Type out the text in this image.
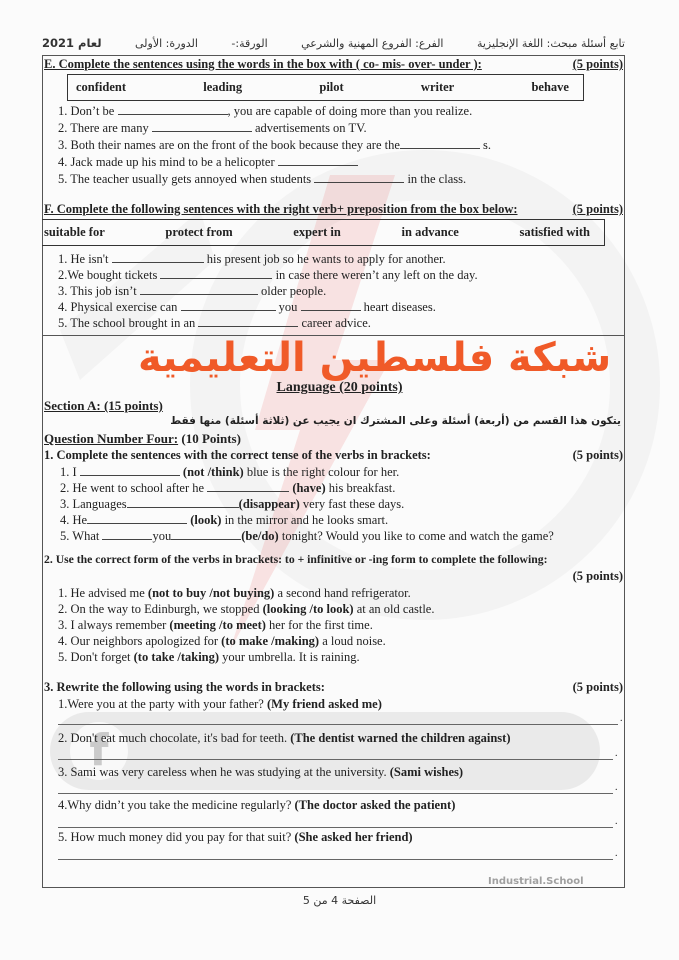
f
لعام 2021	الدورة: الأولى	الورقة:-	الفرع: الفروع المهنية والشرعي	تابع أسئلة مبحث: اللغة الإنجليزية
E. Complete the sentences using the words in the box with ( co- mis- over- under ):	(5 points)
confident	leading	pilot	writer	behave
1. Don’t be	, you are capable of doing more than you realize.
2. There are many	advertisements on TV.
3. Both their names are on the front of the book because they are the	s.
4. Jack made up his mind to be a helicopter
5. The teacher usually gets annoyed when students	in the class.
F. Complete the following sentences with the right verb+ preposition from the box below:	(5 points)
suitable for	protect from	expert in	in advance	satisfied with
1. He isn't	his present job so he wants to apply for another.
2.We bought tickets	in case there weren’t any left on the day.
3. This job isn’t	older people.
4. Physical exercise can	you	heart diseases.
5. The school brought in an	career advice.
شبكة فلسطين التعليمية
Language (20 points)
Section A: (15 points)
يتكون هذا القسم من (أربعة) أسئلة وعلى المشترك ان يجيب عن (ثلاثة أسئلة) منها فقط
Question Number Four: (10 Points)
1. Complete the sentences with the correct tense of the verbs in brackets:	(5 points)
1. I	(not /think) blue is the right colour for her.
2. He went to school after he	(have) his breakfast.
3. Languages	(disappear) very fast these days.
4. He	(look) in the mirror and he looks smart.
5. What	you	(be/do) tonight? Would you like to come and watch the game?
2. Use the correct form of the verbs in brackets: to + infinitive or -ing form to complete the following:
(5 points)
1. He advised me (not to buy /not buying) a second hand refrigerator.
2. On the way to Edinburgh, we stopped (looking /to look) at an old castle.
3. I always remember (meeting /to meet) her for the first time.
4. Our neighbors apologized for (to make /making) a loud noise.
5. Don't forget (to take /taking) your umbrella. It is raining.
3. Rewrite the following using the words in brackets:	(5 points)
1.Were you at the party with your father? (My friend asked me)
.
2. Don't eat much chocolate, it's bad for teeth. (The dentist warned the children against)
.
3. Sami was very careless when he was studying at the university. (Sami wishes)
.
4.Why didn’t you take the medicine regularly? (The doctor asked the patient)
.
5. How much money did you pay for that suit? (She asked her friend)
.
Industrial.School
الصفحة 4 من 5
